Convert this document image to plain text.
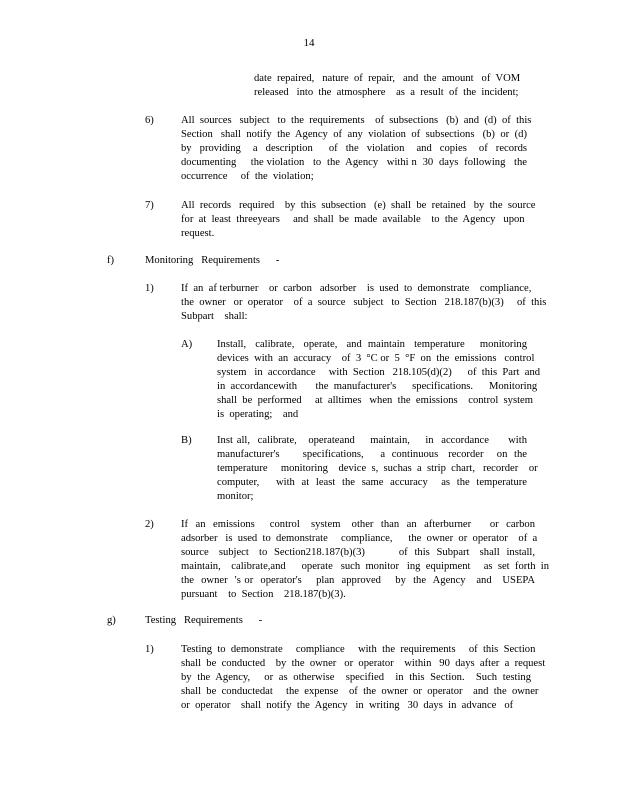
14
date  repaired,   nature  of  repair,   and  the  amount   of  VOM
released   into  the  atmosphere    as  a  result  of  the  incident;
6)	All  sources   subject   to  the  requirements    of  subsections   (b)  and  (d)  of  this
Section   shall  notify  the  Agency  of  any  violation  of  subsections   (b)  or  (d)
by  providing   a  description    of  the  violation   and  copies   of  records
documenting     the violation   to  the  Agency   withi n  30  days  following   the
occurrence     of  the  violation;
7)	All  records   required    by  this  subsection   (e)  shall  be  retained   by  the  source
for  at  least  threeyears     and  shall  be  made  available    to  the  Agency   upon
request.
f)	Monitoring   Requirements      -
1)	If  an  af terburner    or  carbon   adsorber    is  used  to  demonstrate    compliance,
the  owner   or  operator    of  a  source   subject   to  Section   218.187(b)(3)     of  this
Subpart    shall:
A) Install,   calibrate,   operate,   and  maintain   temperature     monitoring
devices  with  an  accuracy    of  3  °C or  5  °F  on  the  emissions   control
system   in  accordance     with  Section   218.105(d)(2)      of  this  Part  and
in  accordancewith       the  manufacturer's      specifications.      Monitoring
shall  be  performed     at  alltimes   when  the  emissions    control  system
is  operating;    and
B) Inst all,  calibrate,   operateand    maintain,    in  accordance     with
manufacturer's       specifications,     a  continuous   recorder    on  the
temperature     monitoring    device  s,  suchas  a  strip  chart,   recorder    or
computer,     with  at  least  the  same  accuracy    as  the  temperature
monitor;
2)	If  an  emissions    control   system   other  than  an  afterburner     or  carbon
adsorber   is  used  to  demonstrate     compliance,      the  owner  or  operator    of  a
source   subject   to  Section218.187(b)(3)          of  this  Subpart   shall  install,
maintain,    calibrate,and      operate   such  monitor   ing  equipment     as  set  forth  in
the  owner  's or  operator's    plan  approved    by  the  Agency   and   USEPA
pursuant    to  Section    218.187(b)(3).
g)	Testing   Requirements      -
1)	Testing  to  demonstrate     compliance     with  the  requirements     of  this  Section
shall  be  conducted    by  the  owner   or  operator    within   90  days  after  a  request
by  the  Agency,     or  as  otherwise    specified    in  this  Section.    Such  testing
shall  be  conductedat     the  expense    of  the  owner  or  operator    and  the  owner
or  operator    shall  notify  the  Agency   in  writing   30  days  in  advance   of
